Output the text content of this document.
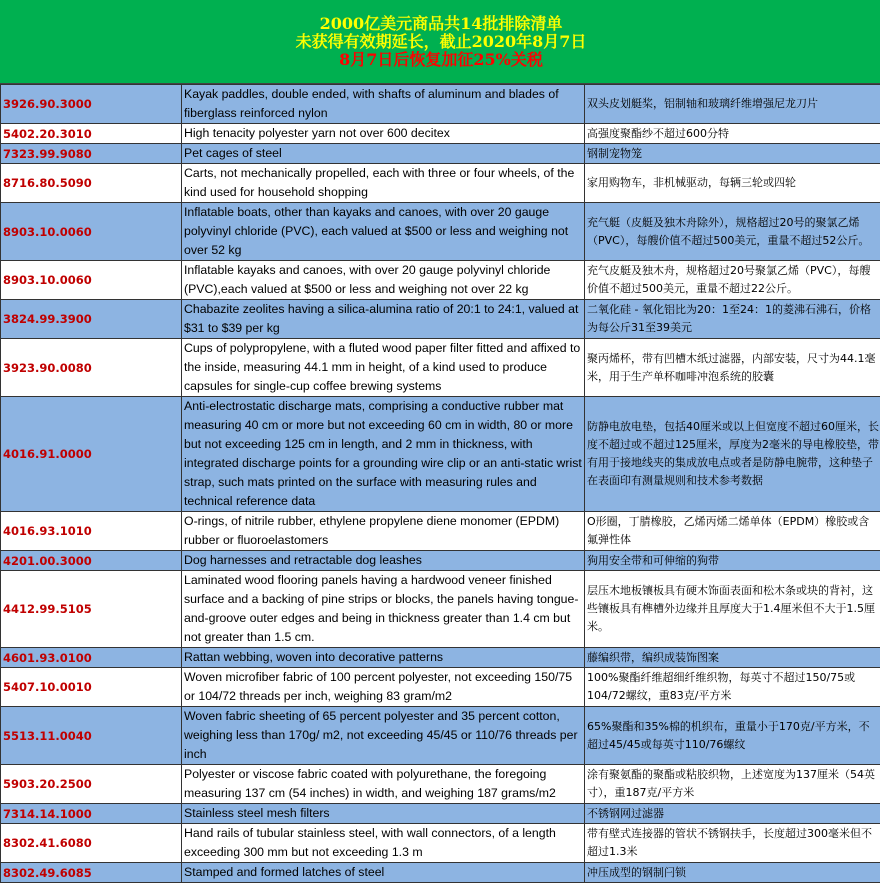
2000亿美元商品共14批排除清单
未获得有效期延长，截止2020年8月7日
8月7日后恢复加征25%关税
3926.90.3000	Kayak paddles, double ended, with shafts of aluminum and blades of fiberglass reinforced nylon	双头皮划艇桨，铝制轴和玻璃纤维增强尼龙刀片
5402.20.3010	High tenacity polyester yarn not over 600 decitex	高强度聚酯纱不超过600分特
7323.99.9080	Pet cages of steel	钢制宠物笼
8716.80.5090	Carts, not mechanically propelled, each with three or four wheels, of the kind used for household shopping	家用购物车，非机械驱动，每辆三轮或四轮
8903.10.0060	Inflatable boats, other than kayaks and canoes, with over 20 gauge polyvinyl chloride (PVC), each valued at $500 or less and weighing not over 52 kg	充气艇（皮艇及独木舟除外），规格超过20号的聚氯乙烯（PVC），每艘价值不超过500美元，重量不超过52公斤。
8903.10.0060	Inflatable kayaks and canoes, with over 20 gauge polyvinyl chloride (PVC),each valued at $500 or less and weighing not over 22 kg	充气皮艇及独木舟，规格超过20号聚氯乙烯（PVC），每艘价值不超过500美元，重量不超过22公斤。
3824.99.3900	Chabazite zeolites having a silica-alumina ratio of 20:1 to 24:1, valued at $31 to $39 per kg	二氧化硅 - 氧化铝比为20：1至24：1的菱沸石沸石，价格为每公斤31至39美元
3923.90.0080	Cups of polypropylene, with a fluted wood paper filter fitted and affixed to the inside, measuring 44.1 mm in height, of a kind used to produce capsules for single-cup coffee brewing systems	聚丙烯杯，带有凹槽木纸过滤器，内部安装，尺寸为44.1毫米，用于生产单杯咖啡冲泡系统的胶囊
4016.91.0000	Anti-electrostatic discharge mats, comprising a conductive rubber mat measuring 40 cm or more but not exceeding 60 cm in width, 80 or more but not exceeding 125 cm in length, and 2 mm in thickness, with integrated discharge points for a grounding wire clip or an anti-static wrist strap, such mats printed on the surface with measuring rules and technical reference data	防静电放电垫，包括40厘米或以上但宽度不超过60厘米，长度不超过或不超过125厘米，厚度为2毫米的导电橡胶垫，带有用于接地线夹的集成放电点或者是防静电腕带，这种垫子在表面印有测量规则和技术参考数据
4016.93.1010	O-rings, of nitrile rubber, ethylene propylene diene monomer (EPDM) rubber or fluoroelastomers	O形圈，丁腈橡胶，乙烯丙烯二烯单体（EPDM）橡胶或含氟弹性体
4201.00.3000	Dog harnesses and retractable dog leashes	狗用安全带和可伸缩的狗带
4412.99.5105	Laminated wood flooring panels having a hardwood veneer finished surface and a backing of pine strips or blocks, the panels having tongue-and-groove outer edges and being in thickness greater than 1.4 cm but not greater than 1.5 cm.	层压木地板镶板具有硬木饰面表面和松木条或块的背衬，这些镶板具有榫槽外边缘并且厚度大于1.4厘米但不大于1.5厘米。
4601.93.0100	Rattan webbing, woven into decorative patterns	藤编织带，编织成装饰图案
5407.10.0010	Woven microfiber fabric of 100 percent polyester, not exceeding 150/75 or 104/72 threads per inch, weighing 83 gram/m2	100%聚酯纤维超细纤维织物，每英寸不超过150/75或104/72螺纹，重83克/平方米
5513.11.0040	Woven fabric sheeting of 65 percent polyester and 35 percent cotton, weighing less than 170g/ m2, not exceeding 45/45 or 110/76 threads per inch	65%聚酯和35%棉的机织布，重量小于170克/平方米，不超过45/45或每英寸110/76螺纹
5903.20.2500	Polyester or viscose fabric coated with polyurethane, the foregoing measuring 137 cm (54 inches) in width, and weighing 187 grams/m2	涂有聚氨酯的聚酯或粘胶织物，上述宽度为137厘米（54英寸），重187克/平方米
7314.14.1000	Stainless steel mesh filters	不锈钢网过滤器
8302.41.6080	Hand rails of tubular stainless steel, with wall connectors, of a length exceeding 300 mm but not exceeding 1.3 m	带有壁式连接器的管状不锈钢扶手，长度超过300毫米但不超过1.3米
8302.49.6085	Stamped and formed latches of steel	冲压成型的钢制闩锁
